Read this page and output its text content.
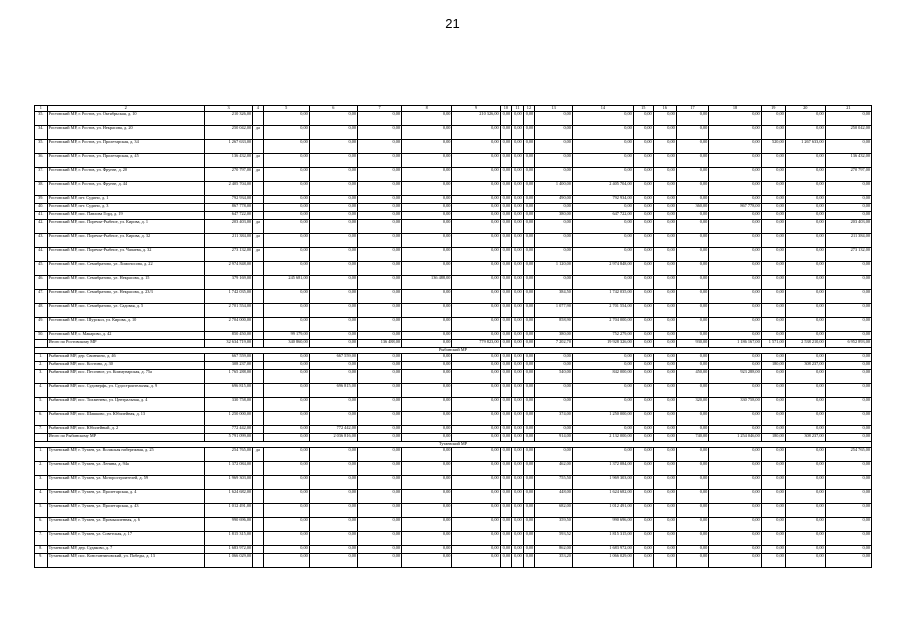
21
1	2	3	4	5	6	7	8	9	10	11	12	13	14	15	16	17	18	19	20	21
35.	Ростовский МР, г. Ростов, ул. Октябрьская, д. 10	210 326,00		0,00	0,00	0,00	0,00	210 326,00	0,00	0,00	0,00	0,00	0,00	0,00	0,00	0,00	0,00	0,00	0,00	0,00
34.	Ростовский МР, г. Ростов, ул. Некрасова, д. 20	250 042,00	да	0,00	0,00	0,00	0,00	0,00	0,00	0,00	0,00	0,00	0,00	0,00	0,00	0,00	0,00	0,00	0,00	250 042,00
35.	Ростовский МР, г. Ростов, ул. Пролетарская, д. 34	1 267 633,00		0,00	0,00	0,00	0,00	0,00	0,00	0,00	0,00	0,00	0,00	0,00	0,00	0,00	0,00	520,00	1 267 633,00	0,00
36.	Ростовский МР, г. Ростов, ул. Пролетарская, д. 45	136 432,00	да	0,00	0,00	0,00	0,00	0,00	0,00	0,00	0,00	0,00	0,00	0,00	0,00	0,00	0,00	0,00	0,00	136 432,00
37.	Ростовский МР, г. Ростов, ул. Фрунзе, д. 20	270 797,00	да	0,00	0,00	0,00	0,00	0,00	0,00	0,00	0,00	0,00	0,00	0,00	0,00	0,00	0,00	0,00	0,00	270 797,00
38.	Ростовский МР, г. Ростов, ул. Фрунзе, д. 44	2 405 704,00		0,00	0,00	0,00	0,00	0,00	0,00	0,00	0,00	1 400,00	2 405 704,00	0,00	0,00	0,00	0,00	0,00	0,00	0,00
39.	Ростовский МР, пгт. Судино, д. 1	792 934,00		0,00	0,00	0,00	0,00	0,00	0,00	0,00	0,00	490,00	792 934,00	0,00	0,00	0,00	0,00	0,00	0,00	0,00
40.	Ростовский МР, пгт. Судино, д. 3	867 778,00		0,00	0,00	0,00	0,00	0,00	0,00	0,00	0,00	0,00	0,00	0,00	0,00	360,00	867 778,00	0,00	0,00	0,00
41.	Ростовский МР, пос. Павлова Горд, д. 19	647 722,00		0,00	0,00	0,00	0,00	0,00	0,00	0,00	0,00	380,00	647 722,00	0,00	0,00	0,00	0,00	0,00	0,00	0,00
42.	Ростовский МР, пос. Поречье-Рыбное, ул. Кирова, д. 1	203 403,00	да	0,00	0,00	0,00	0,00	0,00	0,00	0,00	0,00	0,00	0,00	0,00	0,00	0,00	0,00	0,00	0,00	203 403,00
43.	Ростовский МР, пос. Поречье-Рыбное, ул. Кирова, д. 32	211 384,00	да	0,00	0,00	0,00	0,00	0,00	0,00	0,00	0,00	0,00	0,00	0,00	0,00	0,00	0,00	0,00	0,00	211 384,00
44.	Ростовский МР, пос. Поречье-Рыбное, ул. Чапаева, д. 32	273 132,00	да	0,00	0,00	0,00	0,00	0,00	0,00	0,00	0,00	0,00	0,00	0,00	0,00	0,00	0,00	0,00	0,00	273 132,00
45.	Ростовский МР, пос. Семибратово, ул. Ломоносова, д. 22	2 974 848,00		0,00	0,00	0,00	0,00	0,00	0,00	0,00	0,00	1 120,00	2 974 848,00	0,00	0,00	0,00	0,00	0,00	0,00	0,00
46.	Ростовский МР, пос. Семибратово, ул. Некрасова, д. 15	379 169,00		245 681,00	0,00	0,00	136 488,00	0,00	0,00	0,00	0,00	0,00	0,00	0,00	0,00	0,00	0,00	0,00	0,00	0,00
47.	Ростовский МР, пос. Семибратово, ул. Некрасова, д. 23/3	1 742 035,00		0,00	0,00	0,00	0,00	0,00	0,00	0,00	0,00	384,50	1 742 035,00	0,00	0,00	0,00	0,00	0,00	0,00	0,00
48.	Ростовский МР, пос. Семибратово, ул. Садовая, д. 5	2 701 554,00		0,00	0,00	0,00	0,00	0,00	0,00	0,00	0,00	1 077,90	2 701 554,00	0,00	0,00	0,00	0,00	0,00	0,00	0,00
49.	Ростовский МР, пос. Шурскол, ул. Кирова, д. 10	2 704 000,00		0,00	0,00	0,00	0,00	0,00	0,00	0,00	0,00	858,90	2 704 000,00	0,00	0,00	0,00	0,00	0,00	0,00	0,00
50.	Ростовский МР, с. Макарово, д. 42	850 450,00		99 179,00	0,00	0,00	0,00	0,00	0,00	0,00	0,00	380,00	752 279,00	0,00	0,00	0,00	0,00	0,00	0,00	0,00
	Итого по Ростовскому МР	32 634 719,00		340 860,00	0,00	136 488,00	0,00	779 823,00	0,00	0,00	0,00	7 202,70	19 928 326,00	0,00	0,00	930,00	1 186 167,00	1 571,00	2 538 210,00	6 952 893,00
Рыбинский МР																				
1.	Рыбинский МР, дер. Свинчино, д. 46	667 559,00		0,00	667 559,00	0,00	0,00	0,00	0,00	0,00	0,00	0,00	0,00	0,00	0,00	0,00	0,00	0,00	0,00	0,00
2.	Рыбинский МР, пос. Костино, д. 30	308 237,00		0,00	0,00	0,00	0,00	0,00	0,00	0,00	0,00	0,00	0,00	0,00	0,00	0,00	0,00	180,00	308 237,00	0,00
3.	Рыбинский МР, пос. Песочное, ул. Коммунарская, д. 75а	1 765 288,00		0,00	0,00	0,00	0,00	0,00	0,00	0,00	0,00	540,00	842 000,00	0,00	0,00	450,00	923 288,00	0,00	0,00	0,00
4.	Рыбинский МР, пос. Судоверфь, ул. Судостроительная, д. 9	696 815,00		0,00	696 815,00	0,00	0,00	0,00	0,00	0,00	0,00	0,00	0,00	0,00	0,00	0,00	0,00	0,00	0,00	0,00
5.	Рыбинский МР, пос. Тихменево, ул. Центральная, д. 4	330 758,00		0,00	0,00	0,00	0,00	0,00	0,00	0,00	0,00	0,00	0,00	0,00	0,00	320,00	330 758,00	0,00	0,00	0,00
6.	Рыбинский МР, пос. Шашково, ул. Юбилейная, д. 13	1 250 000,00		0,00	0,00	0,00	0,00	0,00	0,00	0,00	0,00	374,00	1 250 000,00	0,00	0,00	0,00	0,00	0,00	0,00	0,00
7.	Рыбинский МР, пос. Юбилейный, д. 2	772 442,00		0,00	772 442,00	0,00	0,00	0,00	0,00	0,00	0,00	0,00	0,00	0,00	0,00	0,00	0,00	0,00	0,00	0,00
	Итого по Рыбинскому МР	5 791 099,00		0,00	2 036 816,00	0,00	0,00	0,00	0,00	0,00	0,00	914,00	2 132 000,00	0,00	0,00	740,00	1 254 046,00	180,00	308 237,00	0,00
Тутаевский МР																				
1.	Тутаевский МР, г. Тутаев, ул. Волжская набережная, д. 25	254 765,00	да	0,00	0,00	0,00	0,00	0,00	0,00	0,00	0,00	0,00	0,00	0,00	0,00	0,00	0,00	0,00	0,00	254 765,00
2.	Тутаевский МР, г. Тутаев, ул. Ленина, д. 94а	1 372 084,00		0,00	0,00	0,00	0,00	0,00	0,00	0,00	0,00	462,00	1 372 084,00	0,00	0,00	0,00	0,00	0,00	0,00	0,00
3.	Тутаевский МР, г. Тутаев, ул. Моторостроителей, д. 59	1 969 303,00		0,00	0,00	0,00	0,00	0,00	0,00	0,00	0,00	755,50	1 969 303,00	0,00	0,00	0,00	0,00	0,00	0,00	0,00
4.	Тутаевский МР, г. Тутаев, ул. Пролетарская, д. 4	1 624 682,00		0,00	0,00	0,00	0,00	0,00	0,00	0,00	0,00	448,00	1 624 682,00	0,00	0,00	0,00	0,00	0,00	0,00	0,00
5.	Тутаевский МР, г. Тутаев, ул. Пролетарская, д. 43	1 012 491,00		0,00	0,00	0,00	0,00	0,00	0,00	0,00	0,00	682,00	1 012 491,00	0,00	0,00	0,00	0,00	0,00	0,00	0,00
6.	Тутаевский МР, г. Тутаев, ул. Промышленная, д. 6	990 696,00		0,00	0,00	0,00	0,00	0,00	0,00	0,00	0,00	359,50	990 696,00	0,00	0,00	0,00	0,00	0,00	0,00	0,00
7.	Тутаевский МР, г. Тутаев, ул. Советская, д. 17	1 815 315,00		0,00	0,00	0,00	0,00	0,00	0,00	0,00	0,00	593,52	1 815 315,00	0,00	0,00	0,00	0,00	0,00	0,00	0,00
8.	Тутаевский МР, дер. Судаково, д. 7	1 683 972,00		0,00	0,00	0,00	0,00	0,00	0,00	0,00	0,00	862,00	1 683 972,00	0,00	0,00	0,00	0,00	0,00	0,00	0,00
9.	Тутаевский МР, пос. Константиновский, ул. Победы, д. 13	1 066 029,00		0,00	0,00	0,00	0,00	0,00	0,00	0,00	0,00	353,20	1 066 029,00	0,00	0,00	0,00	0,00	0,00	0,00	0,00
